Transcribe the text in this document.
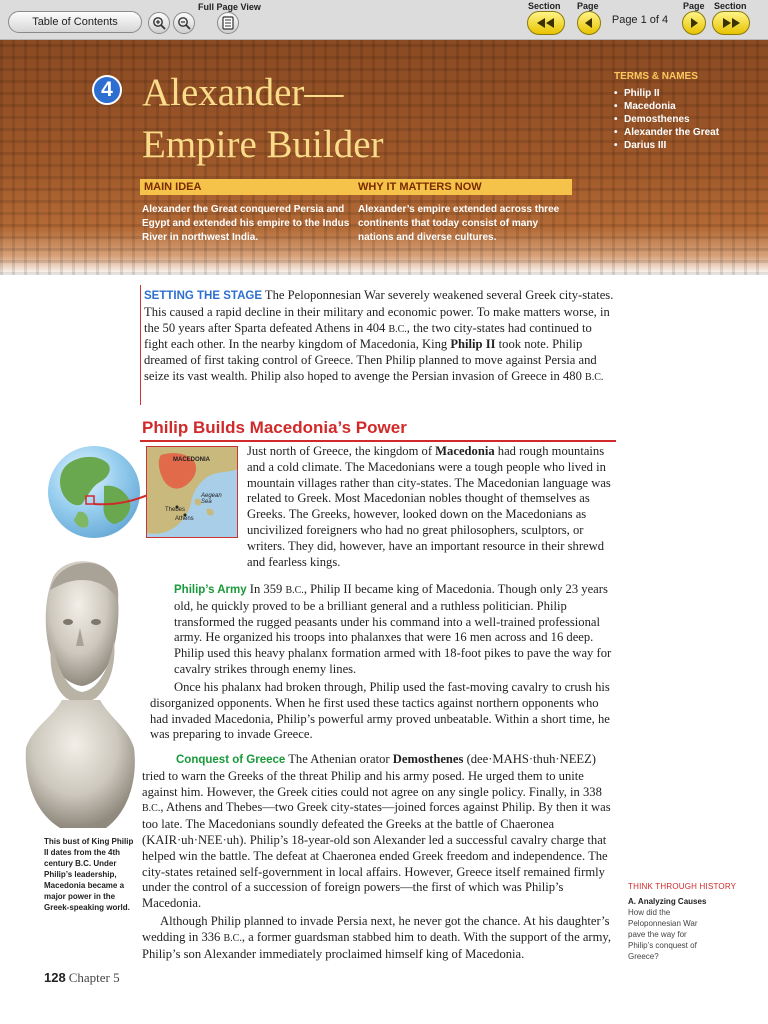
Table of Contents
Full Page View	Section Page	Page Section
Page 1 of 4
4 Alexander—
Empire Builder
MAIN IDEA	WHY IT MATTERS NOW
Alexander the Great conquered Persia and Egypt and extended his empire to the Indus River in northwest India.
Alexander’s empire extended across three continents that today consist of many nations and diverse cultures.
TERMS & NAMES
• Philip II
• Macedonia
• Demosthenes
• Alexander the Great
• Darius III
SETTING THE STAGE The Peloponnesian War severely weakened several Greek city-states. This caused a rapid decline in their military and economic power. To make matters worse, in the 50 years after Sparta defeated Athens in 404 B.C., the two city-states had continued to fight each other. In the nearby kingdom of Macedonia, King Philip II took note. Philip dreamed of first taking control of Greece. Then Philip planned to move against Persia and seize its vast wealth. Philip also hoped to avenge the Persian invasion of Greece in 480 B.C.
Philip Builds Macedonia’s Power
MACEDONIA
Aegean Sea
Thebes
Athens
Just north of Greece, the kingdom of Macedonia had rough mountains and a cold climate. The Macedonians were a tough people who lived in mountain villages rather than city-states. The Macedonian language was related to Greek. Most Macedonian nobles thought of themselves as Greeks. The Greeks, however, looked down on the Macedonians as uncivilized foreigners who had no great philosophers, sculptors, or writers. They did, however, have an important resource in their shrewd and fearless kings.
This bust of King Philip II dates from the 4th century B.C. Under Philip’s leadership, Macedonia became a major power in the Greek-speaking world.
Philip’s Army In 359 B.C., Philip II became king of Macedonia. Though only 23 years old, he quickly proved to be a brilliant general and a ruthless politician. Philip transformed the rugged peasants under his command into a well-trained professional army. He organized his troops into phalanxes that were 16 men across and 16 deep. Philip used this heavy phalanx formation armed with 18-foot pikes to pave the way for cavalry strikes through enemy lines.
Once his phalanx had broken through, Philip used the fast-moving cavalry to crush his disorganized opponents. When he first used these tactics against northern opponents who had invaded Macedonia, Philip’s powerful army proved unbeatable. Within a short time, he was preparing to invade Greece.
Conquest of Greece The Athenian orator Demosthenes (dee·MAHS·thuh·NEEZ) tried to warn the Greeks of the threat Philip and his army posed. He urged them to unite against him. However, the Greek cities could not agree on any single policy. Finally, in 338 B.C., Athens and Thebes—two Greek city-states—joined forces against Philip. By then it was too late. The Macedonians soundly defeated the Greeks at the battle of Chaeronea (KAIR·uh·NEE·uh). Philip’s 18-year-old son Alexander led a successful cavalry charge that helped win the battle. The defeat at Chaeronea ended Greek freedom and independence. The city-states retained self-government in local affairs. However, Greece itself remained firmly under the control of a succession of foreign powers—the first of which was Philip’s Macedonia.
Although Philip planned to invade Persia next, he never got the chance. At his daughter’s wedding in 336 B.C., a former guardsman stabbed him to death. With the support of the army, Philip’s son Alexander immediately proclaimed himself king of Macedonia.
THINK THROUGH HISTORY
A. Analyzing Causes How did the Peloponnesian War pave the way for Philip’s conquest of Greece?
128 Chapter 5
